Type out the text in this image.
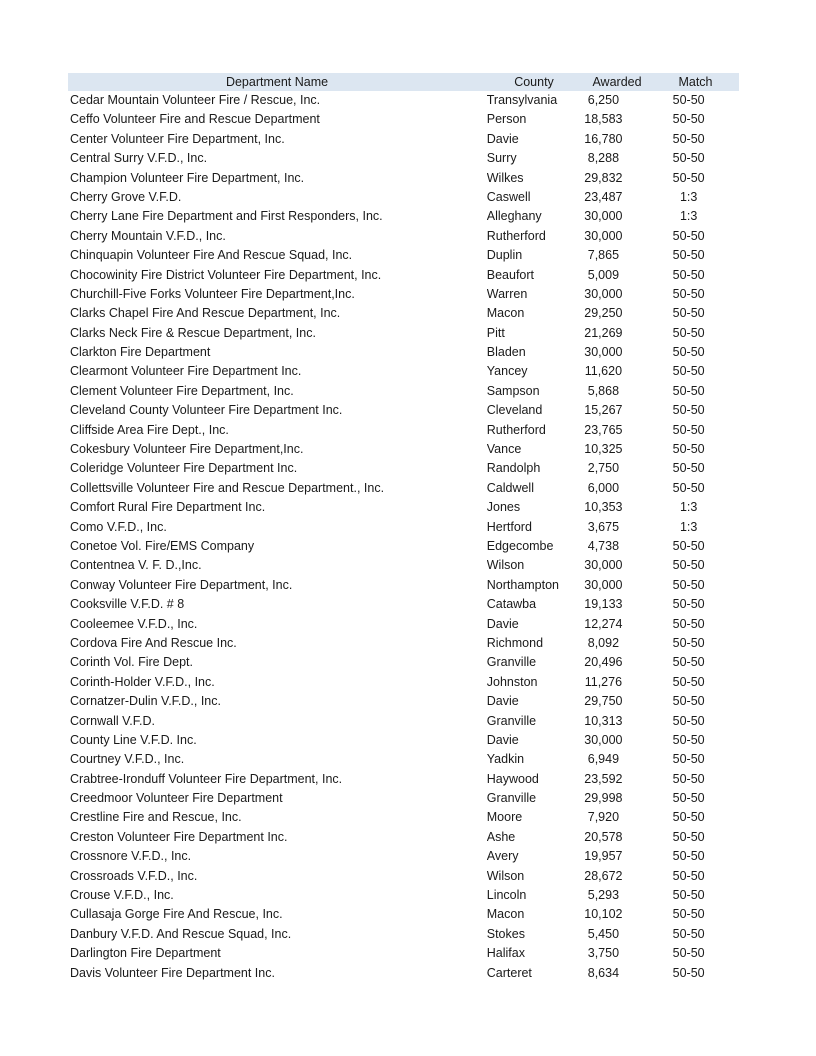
Department Name	County	Awarded	Match
Cedar Mountain Volunteer Fire / Rescue, Inc.	Transylvania	6,250	50-50
Ceffo Volunteer Fire and Rescue Department	Person	18,583	50-50
Center Volunteer Fire Department, Inc.	Davie	16,780	50-50
Central Surry V.F.D., Inc.	Surry	8,288	50-50
Champion Volunteer Fire Department, Inc.	Wilkes	29,832	50-50
Cherry Grove V.F.D.	Caswell	23,487	1:3
Cherry Lane Fire Department and First Responders, Inc.	Alleghany	30,000	1:3
Cherry Mountain V.F.D., Inc.	Rutherford	30,000	50-50
Chinquapin Volunteer Fire And Rescue Squad, Inc.	Duplin	7,865	50-50
Chocowinity Fire District Volunteer Fire Department, Inc.	Beaufort	5,009	50-50
Churchill-Five Forks Volunteer Fire Department,Inc.	Warren	30,000	50-50
Clarks Chapel Fire And Rescue Department, Inc.	Macon	29,250	50-50
Clarks Neck Fire & Rescue Department, Inc.	Pitt	21,269	50-50
Clarkton Fire Department	Bladen	30,000	50-50
Clearmont Volunteer Fire Department Inc.	Yancey	11,620	50-50
Clement Volunteer Fire Department, Inc.	Sampson	5,868	50-50
Cleveland County Volunteer Fire Department Inc.	Cleveland	15,267	50-50
Cliffside Area Fire Dept., Inc.	Rutherford	23,765	50-50
Cokesbury Volunteer Fire Department,Inc.	Vance	10,325	50-50
Coleridge Volunteer Fire Department Inc.	Randolph	2,750	50-50
Collettsville Volunteer Fire and Rescue Department., Inc.	Caldwell	6,000	50-50
Comfort Rural Fire Department Inc.	Jones	10,353	1:3
Como V.F.D., Inc.	Hertford	3,675	1:3
Conetoe Vol. Fire/EMS Company	Edgecombe	4,738	50-50
Contentnea V. F. D.,Inc.	Wilson	30,000	50-50
Conway Volunteer Fire Department, Inc.	Northampton	30,000	50-50
Cooksville V.F.D. # 8	Catawba	19,133	50-50
Cooleemee V.F.D., Inc.	Davie	12,274	50-50
Cordova Fire And Rescue Inc.	Richmond	8,092	50-50
Corinth Vol. Fire Dept.	Granville	20,496	50-50
Corinth-Holder V.F.D., Inc.	Johnston	11,276	50-50
Cornatzer-Dulin V.F.D., Inc.	Davie	29,750	50-50
Cornwall V.F.D.	Granville	10,313	50-50
County Line V.F.D. Inc.	Davie	30,000	50-50
Courtney V.F.D., Inc.	Yadkin	6,949	50-50
Crabtree-Ironduff Volunteer Fire Department, Inc.	Haywood	23,592	50-50
Creedmoor Volunteer Fire Department	Granville	29,998	50-50
Crestline Fire and Rescue, Inc.	Moore	7,920	50-50
Creston Volunteer Fire Department Inc.	Ashe	20,578	50-50
Crossnore V.F.D., Inc.	Avery	19,957	50-50
Crossroads V.F.D., Inc.	Wilson	28,672	50-50
Crouse V.F.D., Inc.	Lincoln	5,293	50-50
Cullasaja Gorge Fire And Rescue, Inc.	Macon	10,102	50-50
Danbury V.F.D. And Rescue Squad, Inc.	Stokes	5,450	50-50
Darlington Fire Department	Halifax	3,750	50-50
Davis Volunteer Fire Department Inc.	Carteret	8,634	50-50
